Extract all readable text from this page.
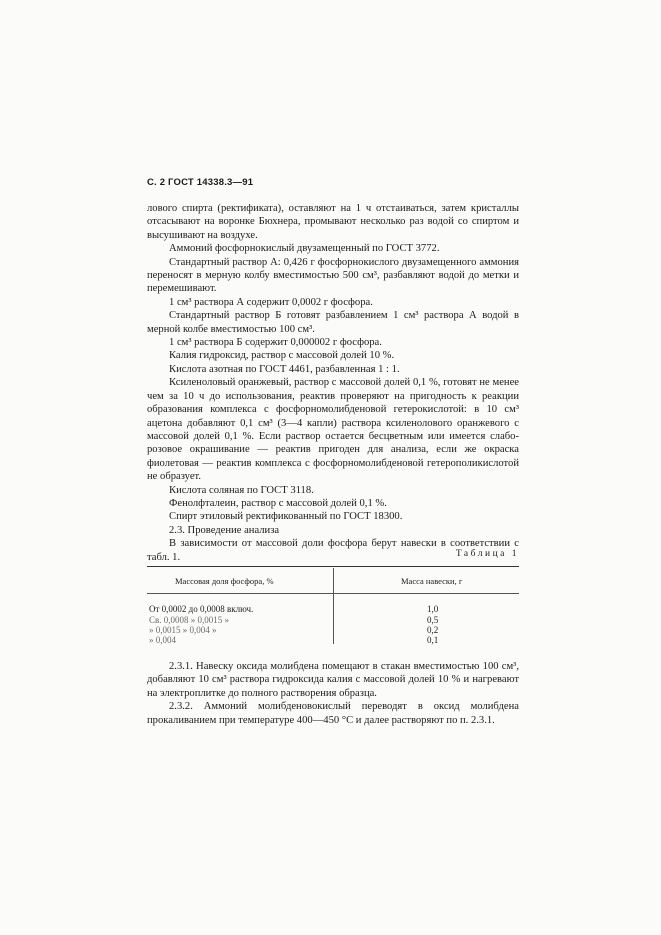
С. 2 ГОСТ 14338.3—91

лового спирта (ректификата), оставляют на 1 ч отстаиваться, затем кристаллы отсасывают на воронке Бюхнера, промывают несколько раз водой со спиртом и высушивают на воздухе.

Аммоний фосфорнокислый двузамещенный по ГОСТ 3772.

Стандартный раствор А: 0,426 г фосфорнокислого двузамещенного аммония переносят в мерную колбу вместимостью 500 см³, разбавляют водой до метки и перемешивают.

1 см³ раствора А содержит 0,0002 г фосфора.

Стандартный раствор Б готовят разбавлением 1 см³ раствора А водой в мерной колбе вместимостью 100 см³.

1 см³ раствора Б содержит 0,000002 г фосфора.

Калия гидроксид, раствор с массовой долей 10 %.

Кислота азотная по ГОСТ 4461, разбавленная 1 : 1.

Ксиленоловый оранжевый, раствор с массовой долей 0,1 %, готовят не менее чем за 10 ч до использования, реактив проверяют на пригодность к реакции образования комплекса с фосфорномолибденовой гетерокислотой: в 10 см³ ацетона добавляют 0,1 см³ (3—4 капли) раствора ксиленолового оранжевого с массовой долей 0,1 %. Если раствор остается бесцветным или имеется слабо-розовое окрашивание — реактив пригоден для анализа, если же окраска фиолетовая — реактив комплекса с фосфорномолибденовой гетерополикислотой не образует.

Кислота соляная по ГОСТ 3118.

Фенолфталеин, раствор с массовой долей 0,1 %.

Спирт этиловый ректификованный по ГОСТ 18300.

2.3. Проведение анализа

В зависимости от массовой доли фосфора берут навески в соответствии с табл. 1.	Таблица 1
Массовая доля фосфора, %	Масса навески, г
От 0,0002 до 0,0008 включ.	1,0
Св. 0,0008 » 0,0015 »	0,5
» 0,0015 » 0,004 »	0,2
» 0,004	0,1

2.3.1. Навеску оксида молибдена помещают в стакан вместимостью 100 см³, добавляют 10 см³ раствора гидроксида калия с массовой долей 10 % и нагревают на электроплитке до полного растворения образца.

2.3.2. Аммоний молибденовокислый переводят в оксид молибдена прокаливанием при температуре 400—450 °С и далее растворяют по п. 2.3.1.
